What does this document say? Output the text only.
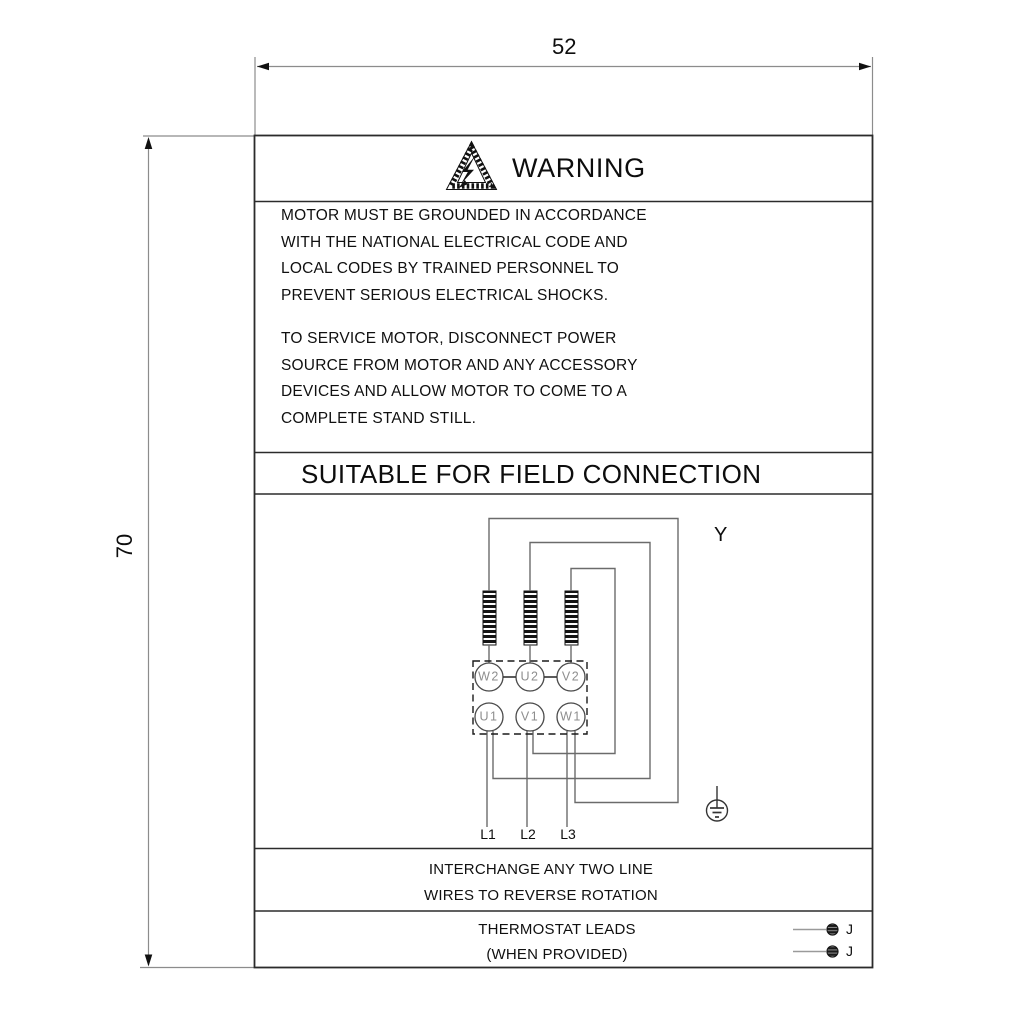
52
70
WARNING
MOTOR MUST BE GROUNDED IN ACCORDANCE
WITH THE NATIONAL ELECTRICAL CODE AND
LOCAL CODES BY TRAINED PERSONNEL TO
PREVENT SERIOUS ELECTRICAL SHOCKS.
TO SERVICE MOTOR, DISCONNECT POWER
SOURCE FROM MOTOR AND ANY ACCESSORY
DEVICES AND ALLOW MOTOR TO COME TO A
COMPLETE STAND STILL.
SUITABLE FOR FIELD CONNECTION
W2 U2 V2
U1 V1 W1
L1 L2 L3
Y
INTERCHANGE ANY TWO LINE
WIRES TO REVERSE ROTATION
THERMOSTAT LEADS
(WHEN PROVIDED)
J
J
